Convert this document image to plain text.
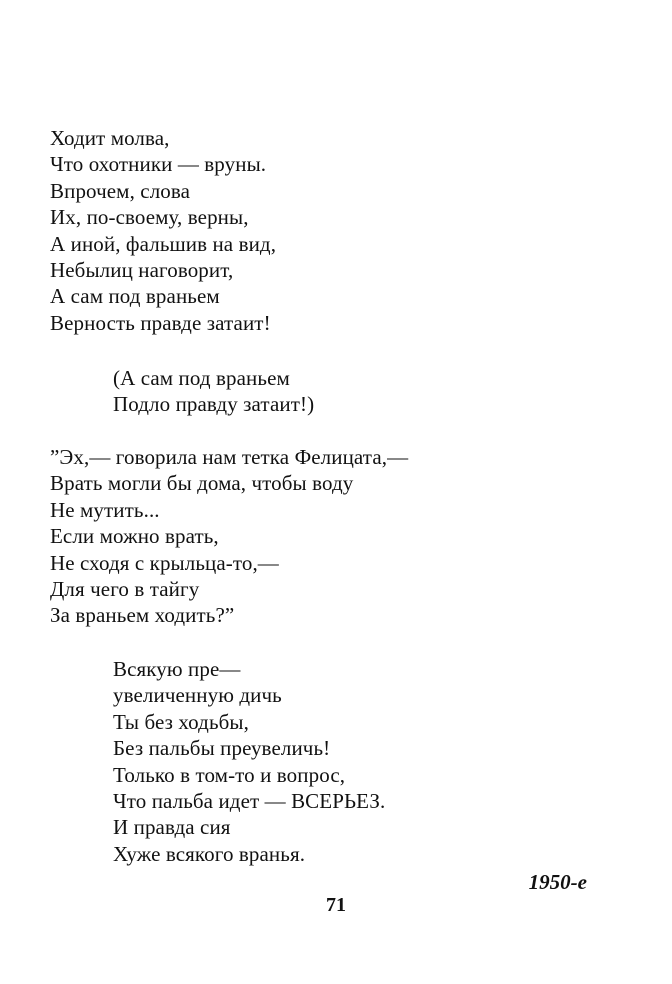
Ходит молва,
Что охотники — вруны.
Впрочем, слова
Их, по-своему, верны,
А иной, фальшив на вид,
Небылиц наговорит,
А сам под враньем
Верность правде затаит!
(А сам под враньем
Подло правду затаит!)
”Эх,— говорила нам тетка Фелицата,—
Врать могли бы дома, чтобы воду
Не мутить...
Если можно врать,
Не сходя с крыльца-то,—
Для чего в тайгу
За враньем ходить?”
Всякую пре—
увеличенную дичь
Ты без ходьбы,
Без пальбы преувеличь!
Только в том-то и вопрос,
Что пальба идет — ВСЕРЬЕЗ.
И правда сия
Хуже всякого вранья.
1950-е
71
